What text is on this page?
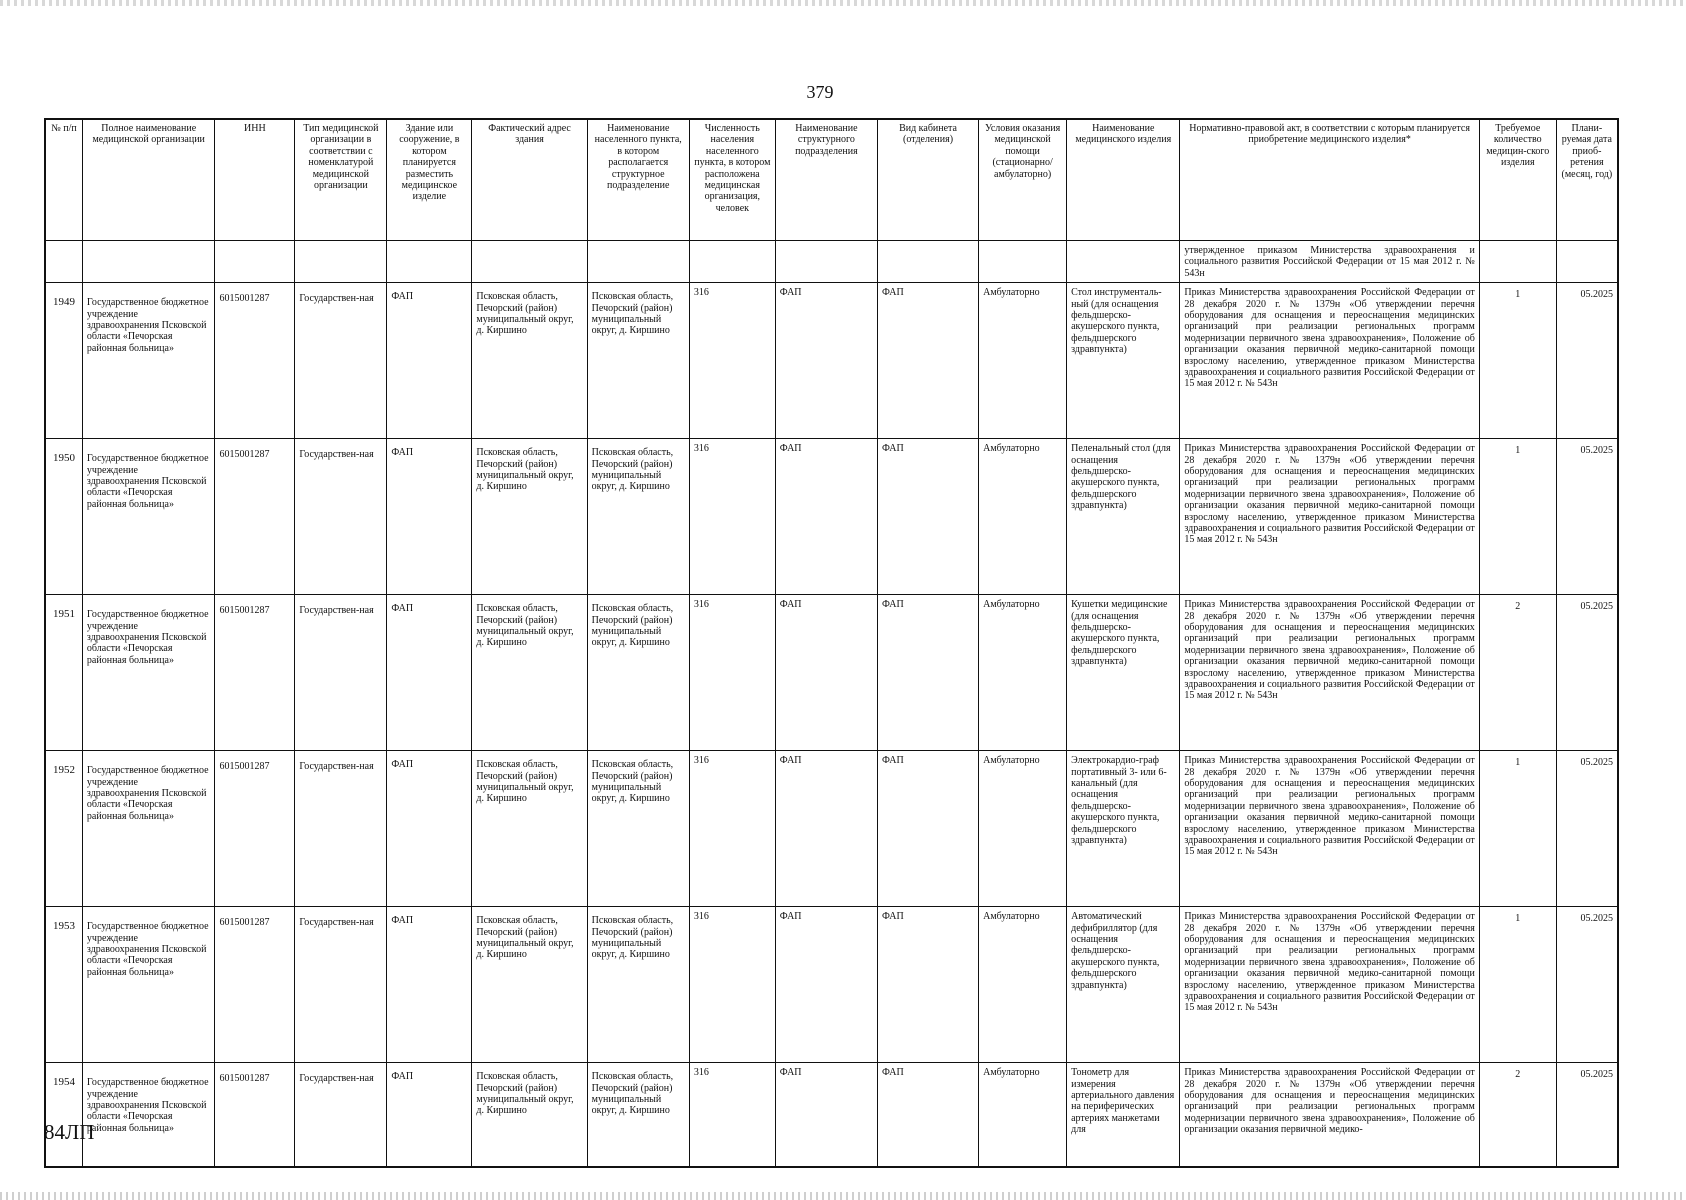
379
№ п/п	Полное наименование медицинской организации	ИНН	Тип медицинской организации в соответствии с номенклатурой медицинской организации	Здание или сооружение, в котором планируется разместить медицинское изделие	Фактический адрес здания	Наименование населенного пункта, в котором располагается структурное подразделение	Численность населения населенного пункта, в котором расположена медицинская организация, человек	Наименование структурного подразделения	Вид кабинета (отделения)	Условия оказания медицинской помощи (стационарно/ амбулаторно)	Наименование медицинского изделия	Нормативно-правовой акт, в соответствии с которым планируется приобретение медицинского изделия*	Требуемое количество медицин-ского изделия	Плани-руемая дата приоб-ретения (месяц, год)
												утвержденное приказом Министерства здравоохранения и социального развития Российской Федерации от 15 мая 2012 г. № 543н		
1949	Государственное бюджетное учреждение здравоохранения Псковской области «Печорская районная больница»	6015001287	Государствен-ная	ФАП	Псковская область, Печорский (район) муниципальный округ, д. Киршино	Псковская область, Печорский (район) муниципальный округ, д. Киршино	316	ФАП	ФАП	Амбулаторно	Стол инструменталь-ный (для оснащения фельдшерско-акушерского пункта, фельдшерского здравпункта)	Приказ Министерства здравоохранения Российской Федерации от 28 декабря 2020 г. № 1379н «Об утверждении перечня оборудования для оснащения и переоснащения медицинских организаций при реализации региональных программ модернизации первичного звена здравоохранения», Положение об организации оказания первичной медико-санитарной помощи взрослому населению, утвержденное приказом Министерства здравоохранения и социального развития Российской Федерации от 15 мая 2012 г. № 543н	1	05.2025
1950	Государственное бюджетное учреждение здравоохранения Псковской области «Печорская районная больница»	6015001287	Государствен-ная	ФАП	Псковская область, Печорский (район) муниципальный округ, д. Киршино	Псковская область, Печорский (район) муниципальный округ, д. Киршино	316	ФАП	ФАП	Амбулаторно	Пеленальный стол (для оснащения фельдшерско-акушерского пункта, фельдшерского здравпункта)	Приказ Министерства здравоохранения Российской Федерации от 28 декабря 2020 г. № 1379н «Об утверждении перечня оборудования для оснащения и переоснащения медицинских организаций при реализации региональных программ модернизации первичного звена здравоохранения», Положение об организации оказания первичной медико-санитарной помощи взрослому населению, утвержденное приказом Министерства здравоохранения и социального развития Российской Федерации от 15 мая 2012 г. № 543н	1	05.2025
1951	Государственное бюджетное учреждение здравоохранения Псковской области «Печорская районная больница»	6015001287	Государствен-ная	ФАП	Псковская область, Печорский (район) муниципальный округ, д. Киршино	Псковская область, Печорский (район) муниципальный округ, д. Киршино	316	ФАП	ФАП	Амбулаторно	Кушетки медицинские (для оснащения фельдшерско-акушерского пункта, фельдшерского здравпункта)	Приказ Министерства здравоохранения Российской Федерации от 28 декабря 2020 г. № 1379н «Об утверждении перечня оборудования для оснащения и переоснащения медицинских организаций при реализации региональных программ модернизации первичного звена здравоохранения», Положение об организации оказания первичной медико-санитарной помощи взрослому населению, утвержденное приказом Министерства здравоохранения и социального развития Российской Федерации от 15 мая 2012 г. № 543н	2	05.2025
1952	Государственное бюджетное учреждение здравоохранения Псковской области «Печорская районная больница»	6015001287	Государствен-ная	ФАП	Псковская область, Печорский (район) муниципальный округ, д. Киршино	Псковская область, Печорский (район) муниципальный округ, д. Киршино	316	ФАП	ФАП	Амбулаторно	Электрокардио-граф портативный 3- или 6-канальный (для оснащения фельдшерско-акушерского пункта, фельдшерского здравпункта)	Приказ Министерства здравоохранения Российской Федерации от 28 декабря 2020 г. № 1379н «Об утверждении перечня оборудования для оснащения и переоснащения медицинских организаций при реализации региональных программ модернизации первичного звена здравоохранения», Положение об организации оказания первичной медико-санитарной помощи взрослому населению, утвержденное приказом Министерства здравоохранения и социального развития Российской Федерации от 15 мая 2012 г. № 543н	1	05.2025
1953	Государственное бюджетное учреждение здравоохранения Псковской области «Печорская районная больница»	6015001287	Государствен-ная	ФАП	Псковская область, Печорский (район) муниципальный округ, д. Киршино	Псковская область, Печорский (район) муниципальный округ, д. Киршино	316	ФАП	ФАП	Амбулаторно	Автоматический дефибриллятор (для оснащения фельдшерско-акушерского пункта, фельдшерского здравпункта)	Приказ Министерства здравоохранения Российской Федерации от 28 декабря 2020 г. № 1379н «Об утверждении перечня оборудования для оснащения и переоснащения медицинских организаций при реализации региональных программ модернизации первичного звена здравоохранения», Положение об организации оказания первичной медико-санитарной помощи взрослому населению, утвержденное приказом Министерства здравоохранения и социального развития Российской Федерации от 15 мая 2012 г. № 543н	1	05.2025
1954	Государственное бюджетное учреждение здравоохранения Псковской области «Печорская районная больница»	6015001287	Государствен-ная	ФАП	Псковская область, Печорский (район) муниципальный округ, д. Киршино	Псковская область, Печорский (район) муниципальный округ, д. Киршино	316	ФАП	ФАП	Амбулаторно	Тонометр для измерения артериального давления на периферических артериях манжетами для	Приказ Министерства здравоохранения Российской Федерации от 28 декабря 2020 г. № 1379н «Об утверждении перечня оборудования для оснащения и переоснащения медицинских организаций при реализации региональных программ модернизации первичного звена здравоохранения», Положение об организации оказания первичной медико-	2	05.2025
84ЛП
